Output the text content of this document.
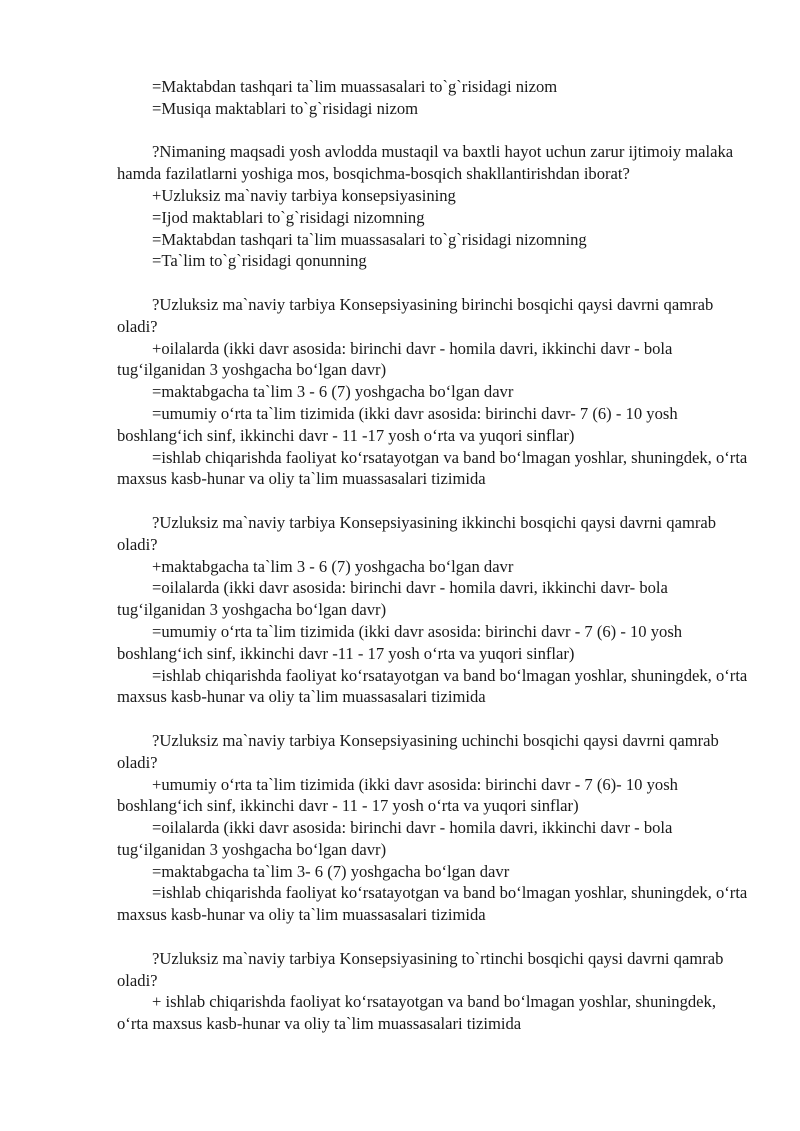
=Maktabdan tashqari ta`lim muassasalari to`g`risidagi nizom

=Musiqa maktablari to`g`risidagi nizom

?Nimaning maqsadi yosh avlodda mustaqil va baxtli hayot uchun zarur ijtimoiy malaka hamda fazilatlarni yoshiga mos, bosqichma-bosqich shakllantirishdan iborat?

+Uzluksiz ma`naviy tarbiya konsepsiyasining

=Ijod maktablari to`g`risidagi nizomning

=Maktabdan tashqari ta`lim muassasalari to`g`risidagi nizomning

=Ta`lim to`g`risidagi qonunning

?Uzluksiz ma`naviy tarbiya Konsepsiyasining birinchi bosqichi qaysi davrni qamrab oladi?

+oilalarda (ikki davr asosida: birinchi davr - homila davri, ikkinchi davr - bola tug‘ilganidan 3 yoshgacha bo‘lgan davr)

=maktabgacha ta`lim 3 - 6 (7) yoshgacha bo‘lgan davr

=umumiy o‘rta ta`lim tizimida (ikki davr asosida: birinchi davr- 7 (6) - 10 yosh boshlang‘ich sinf, ikkinchi davr - 11 -17 yosh o‘rta va yuqori sinflar)

=ishlab chiqarishda faoliyat ko‘rsatayotgan va band bo‘lmagan yoshlar, shuningdek, o‘rta maxsus kasb-hunar va oliy ta`lim muassasalari tizimida

?Uzluksiz ma`naviy tarbiya Konsepsiyasining ikkinchi bosqichi qaysi davrni qamrab oladi?

+maktabgacha ta`lim 3 - 6 (7) yoshgacha bo‘lgan davr

=oilalarda (ikki davr asosida: birinchi davr - homila davri, ikkinchi davr- bola tug‘ilganidan 3 yoshgacha bo‘lgan davr)

=umumiy o‘rta ta`lim tizimida (ikki davr asosida: birinchi davr - 7 (6) - 10 yosh boshlang‘ich sinf, ikkinchi davr -11 - 17 yosh o‘rta va yuqori sinflar)

=ishlab chiqarishda faoliyat ko‘rsatayotgan va band bo‘lmagan yoshlar, shuningdek, o‘rta maxsus kasb-hunar va oliy ta`lim muassasalari tizimida

?Uzluksiz ma`naviy tarbiya Konsepsiyasining uchinchi bosqichi qaysi davrni qamrab oladi?

+umumiy o‘rta ta`lim tizimida (ikki davr asosida: birinchi davr - 7 (6)- 10 yosh boshlang‘ich sinf, ikkinchi davr - 11 - 17 yosh o‘rta va yuqori sinflar)

=oilalarda (ikki davr asosida: birinchi davr - homila davri, ikkinchi davr - bola tug‘ilganidan 3 yoshgacha bo‘lgan davr)

=maktabgacha ta`lim 3- 6 (7) yoshgacha bo‘lgan davr

=ishlab chiqarishda faoliyat ko‘rsatayotgan va band bo‘lmagan yoshlar, shuningdek, o‘rta maxsus kasb-hunar va oliy ta`lim muassasalari tizimida

?Uzluksiz ma`naviy tarbiya Konsepsiyasining to`rtinchi bosqichi qaysi davrni qamrab oladi?

+ ishlab chiqarishda faoliyat ko‘rsatayotgan va band bo‘lmagan yoshlar, shuningdek, o‘rta maxsus kasb-hunar va oliy ta`lim muassasalari tizimida
